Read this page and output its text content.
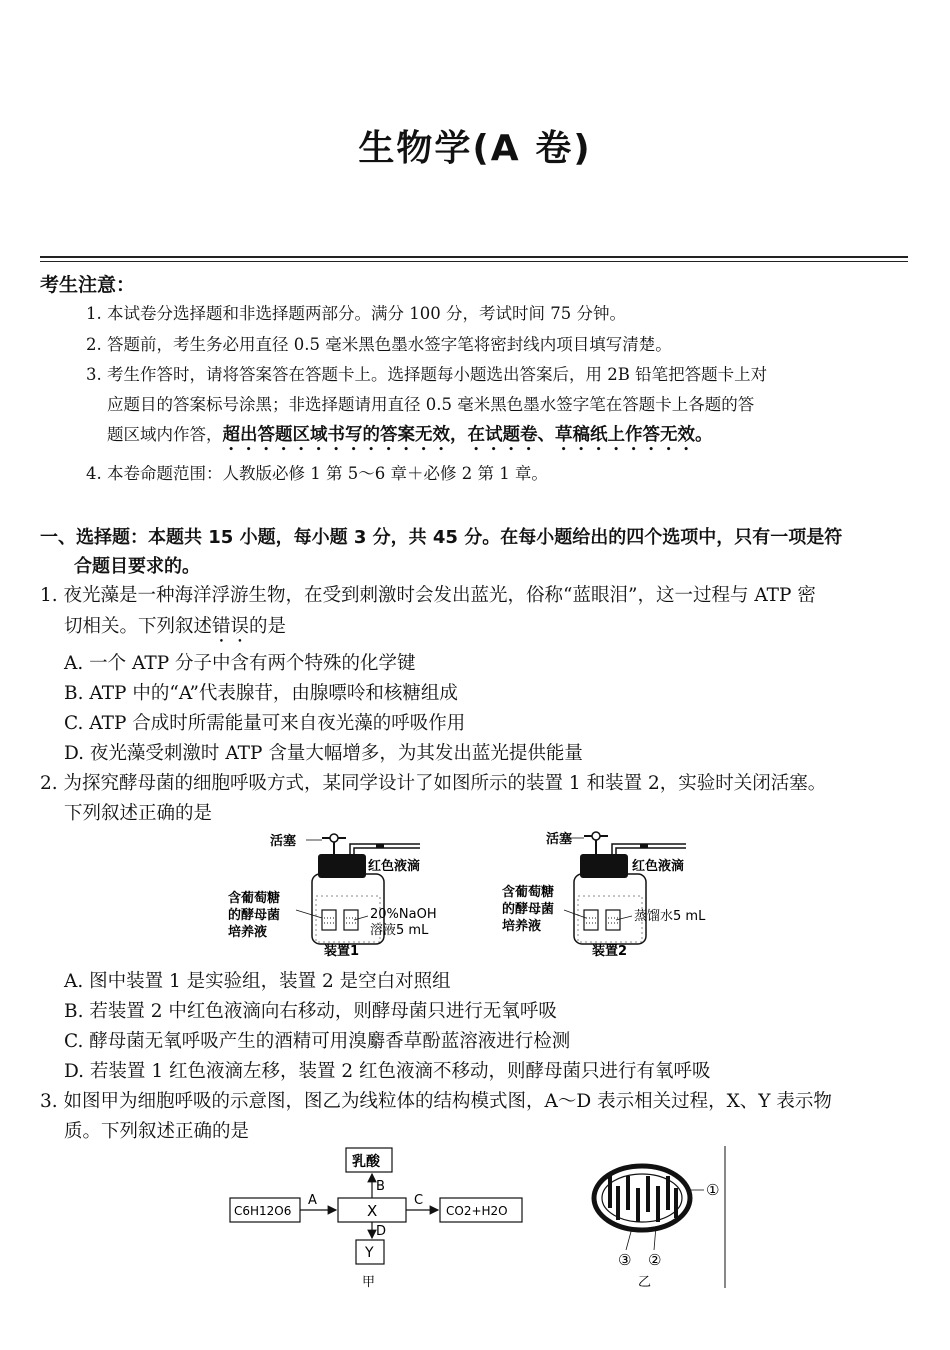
生物学(A 卷)
考生注意：
1. 本试卷分选择题和非选择题两部分。满分 100 分，考试时间 75 分钟。
2. 答题前，考生务必用直径 0.5 毫米黑色墨水签字笔将密封线内项目填写清楚。
3. 考生作答时，请将答案答在答题卡上。选择题每小题选出答案后，用 2B 铅笔把答题卡上对
应题目的答案标号涂黑；非选择题请用直径 0.5 毫米黑色墨水签字笔在答题卡上各题的答
题区域内作答，超出答题区域书写的答案无效，在试题卷、草稿纸上作答无效。
4. 本卷命题范围：人教版必修 1 第 5～6 章＋必修 2 第 1 章。
一、选择题：本题共 15 小题，每小题 3 分，共 45 分。在每小题给出的四个选项中，只有一项是符
合题目要求的。
1. 夜光藻是一种海洋浮游生物，在受到刺激时会发出蓝光，俗称“蓝眼泪”，这一过程与 ATP 密
切相关。下列叙述错误的是
A. 一个 ATP 分子中含有两个特殊的化学键
B. ATP 中的“A”代表腺苷，由腺嘌呤和核糖组成
C. ATP 合成时所需能量可来自夜光藻的呼吸作用
D. 夜光藻受刺激时 ATP 含量大幅增多，为其发出蓝光提供能量
2. 为探究酵母菌的细胞呼吸方式，某同学设计了如图所示的装置 1 和装置 2，实验时关闭活塞。
下列叙述正确的是
活塞
红色液滴
含葡萄糖
的酵母菌
培养液
20%NaOH
溶液5 mL
装置1
活塞
红色液滴
含葡萄糖
的酵母菌
培养液
蒸馏水5 mL
装置2
A. 图中装置 1 是实验组，装置 2 是空白对照组
B. 若装置 2 中红色液滴向右移动，则酵母菌只进行无氧呼吸
C. 酵母菌无氧呼吸产生的酒精可用溴麝香草酚蓝溶液进行检测
D. 若装置 1 红色液滴左移，装置 2 红色液滴不移动，则酵母菌只进行有氧呼吸
3. 如图甲为细胞呼吸的示意图，图乙为线粒体的结构模式图，A～D 表示相关过程，X、Y 表示物
质。下列叙述正确的是
乳酸
C6H12O6	X	CO2+H2O
Y
A
B
C
D
甲
①
③ ②
乙
